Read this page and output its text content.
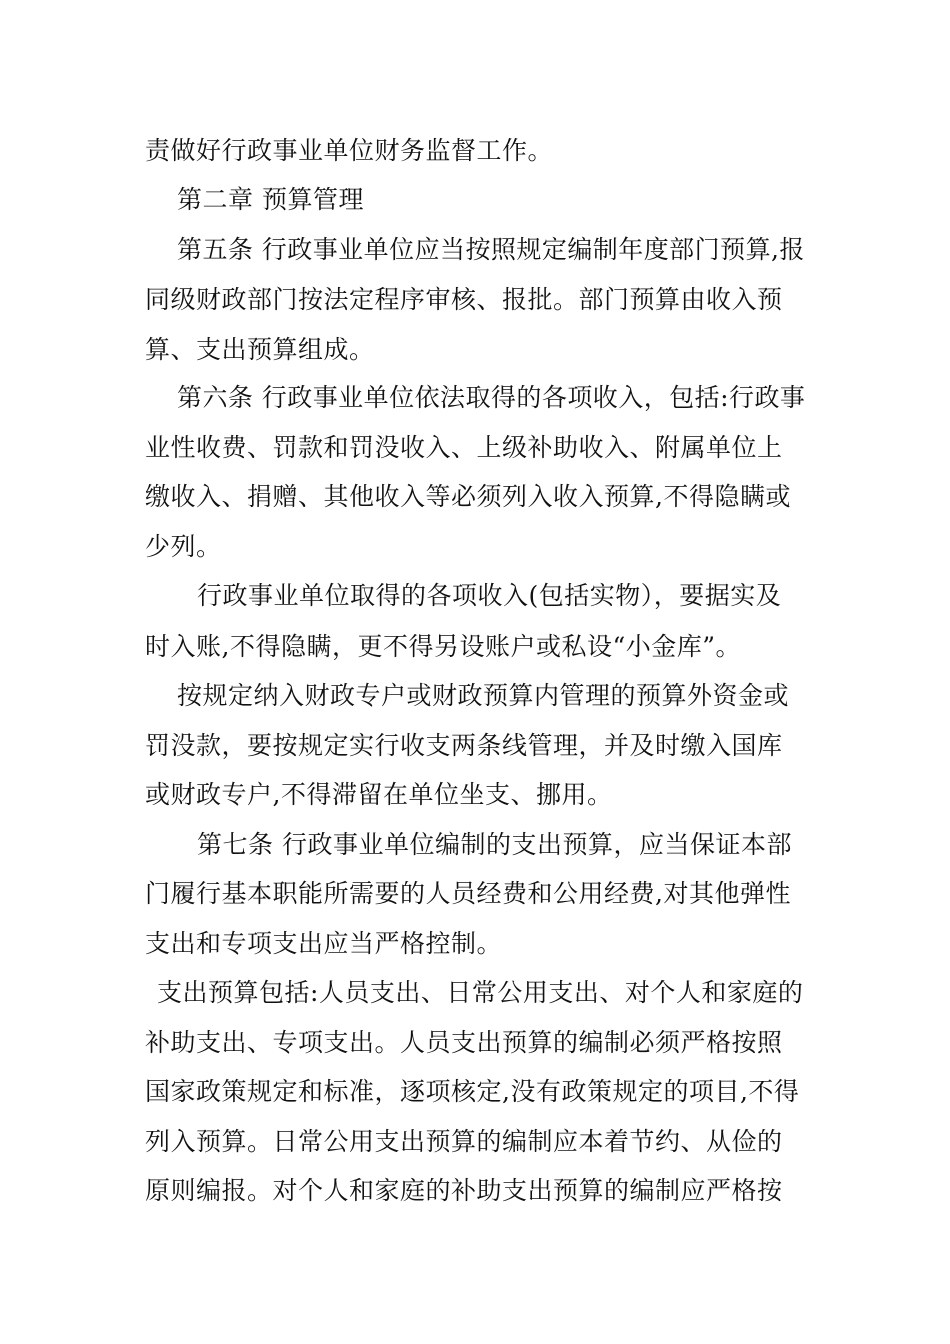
责做好行政事业单位财务监督工作。

第二章 预算管理

第五条 行政事业单位应当按照规定编制年度部门预算,报

同级财政部门按法定程序审核、报批。部门预算由收入预

算、支出预算组成。

第六条 行政事业单位依法取得的各项收入，包括:行政事

业性收费、罚款和罚没收入、上级补助收入、附属单位上

缴收入、捐赠、其他收入等必须列入收入预算,不得隐瞒或

少列。

行政事业单位取得的各项收入(包括实物），要据实及

时入账,不得隐瞒，更不得另设账户或私设“小金库”。

按规定纳入财政专户或财政预算内管理的预算外资金或

罚没款，要按规定实行收支两条线管理，并及时缴入国库

或财政专户,不得滞留在单位坐支、挪用。

第七条 行政事业单位编制的支出预算，应当保证本部

门履行基本职能所需要的人员经费和公用经费,对其他弹性

支出和专项支出应当严格控制。

支出预算包括:人员支出、日常公用支出、对个人和家庭的

补助支出、专项支出。人员支出预算的编制必须严格按照

国家政策规定和标准，逐项核定,没有政策规定的项目,不得

列入预算。日常公用支出预算的编制应本着节约、从俭的

原则编报。对个人和家庭的补助支出预算的编制应严格按
